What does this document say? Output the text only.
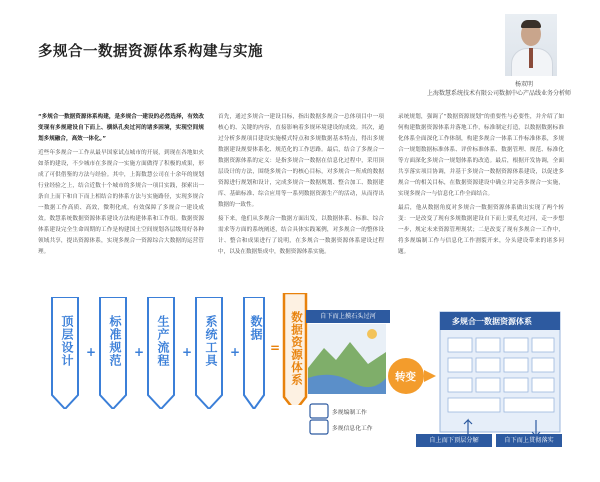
多规合一数据资源体系构建与实施
杨双明
上海数慧系统技术有限公司数据中心产品线业务分析师

“多规合一数据资源体系构建，是多规合一建设的必然选择，有效改变现有多规建设自下而上、横纵孔矣过河的诸多困境，实现空间规划多规融合，高效一体化。”

近些年多规合一工作从最早国家试点城市的开展，到现在各地如火如荼的建设，不少城市在多规合一实施方面做得了积极的成果，形成了可供借鉴的方法与经验。其中，上海数慧公司在十余年的规划行业经验之上，结合近数十个城市的多规合一项目实践，探索出一条自上而下和自下而上相结合的体系方法与实施路径，实现多规合一数据工作高质、高效，微利化成，有效保障了多规合一建设成效。数慧系统数据资源体系建设方法构建体系和工作组。数据资源体系建设完全生命周期的工作是构建国土空间规划各层级用好各种领域共享，提出资源体系，实现多规合一资源综合大数据的运营管理。

首先，通过多规合一建设目标，指出数据多规合一总体项目中一项核心的、关键的内容，直接影响着多规环境建设的成效。其次，通过分析多规项目建设实施模式特点和多规数据基本特点，得出多规数据建设规要体系化、规范化的工作思路。最后，结合了多规合一数据资源体系的定义：是指多规合一数据在信息化过程中，采用顶层设计的方法，围绕多规合一的核心目标，对多规合一所成的数据资源进行规划和设计，完成多规合一数据规划、整合加工、数据建库、基础标准、综合应用等一系列数据资源生产的活动，从而得出数据的一致性。

接下来，他们从多规合一数据方面出发，以数据体系、标准、综合需求等方面的系统阐述，结合具体实践案例，对多规合一的整体设计、整合和成果进行了说明，在多规合一数据资源体系建设过程中，以及在数据集成中，数据资源体系实施。

录统规划，强调了“数据资源规划”的重要性与必要性，并介绍了如何构建数据资源体系并落地工作，标准制定打造，以数据数据标准化体系全面深化工作体制，构建多规合一体系工作标准体系，多规合一规划数据标准体系、评价标准体系、数据管理、规范、标准化等方面深化多规合一规划体系的改造。最后，根据开发协调，全面共享落实项目协调，并基于多规合一数据资源体系建设，以促进多规合一的相关目标，在数据资源建设中确立并完善多规合一实施，实现多规合一与信息化工作全面结合。

最后，他从数据角度对多规合一数据资源体系做出实现了两个转变：一是改变了现有多规数据建设自下而上要孔矣过河，走一步想一步，规定未来资源管理现状；二是改变了现有多规合一工作中，将多规编制工作与信息化工作割裂开来，分头建设带来的诸多问题。

顶层设计 + 标准规范 + 生产流程 + 系统工具 +
数据
= 数据资源体系	自下而上摸石头过河
多规合一数据资源体系
转变
多规编制工作
多规信息化工作
自上而下顶层分解	自下而上贯彻落实
